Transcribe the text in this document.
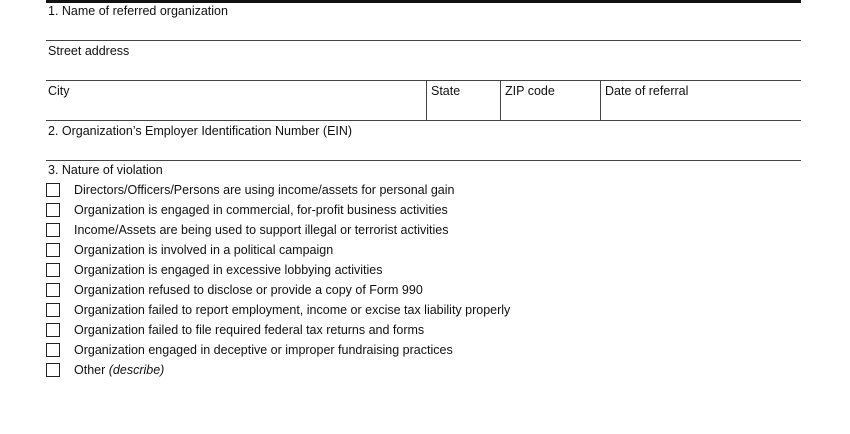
1. Name of referred organization
Street address
City	State	ZIP code	Date of referral
2. Organization’s Employer Identification Number (EIN)
3. Nature of violation
Directors/Officers/Persons are using income/assets for personal gain
Organization is engaged in commercial, for-profit business activities
Income/Assets are being used to support illegal or terrorist activities
Organization is involved in a political campaign
Organization is engaged in excessive lobbying activities
Organization refused to disclose or provide a copy of Form 990
Organization failed to report employment, income or excise tax liability properly
Organization failed to file required federal tax returns and forms
Organization engaged in deceptive or improper fundraising practices
Other (describe)
